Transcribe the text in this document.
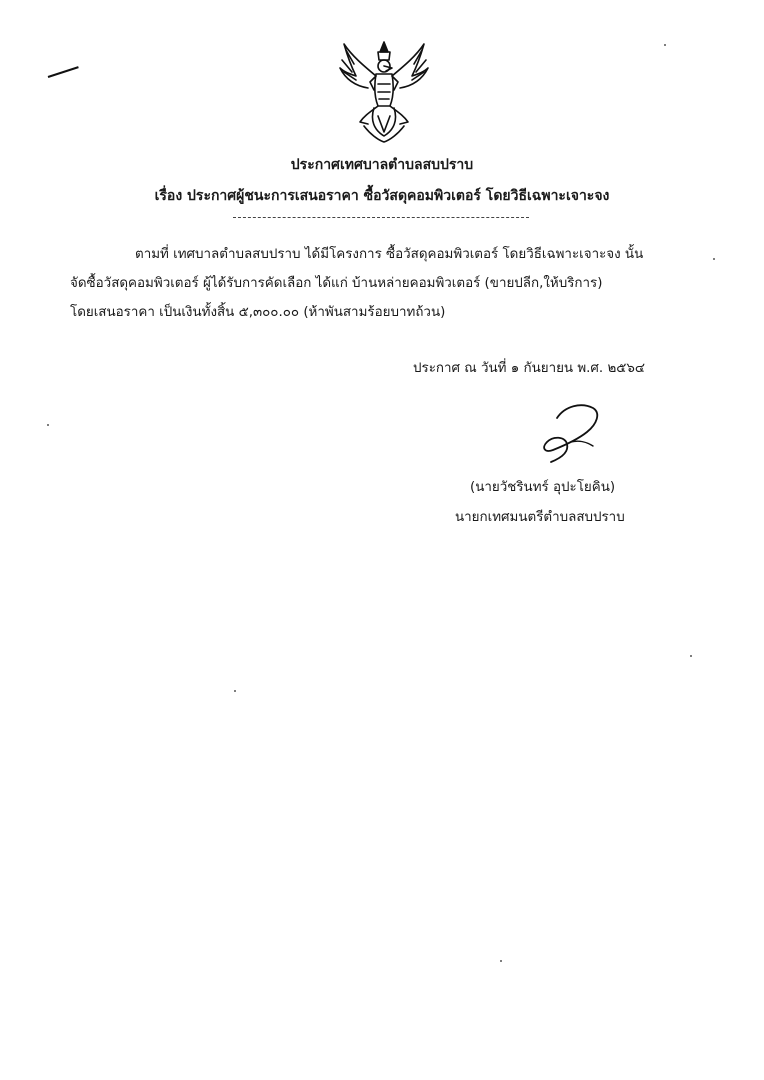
ประกาศเทศบาลตำบลสบปราบ
เรื่อง ประกาศผู้ชนะการเสนอราคา ซื้อวัสดุคอมพิวเตอร์ โดยวิธีเฉพาะเจาะจง
ตามที่ เทศบาลตำบลสบปราบ ได้มีโครงการ ซื้อวัสดุคอมพิวเตอร์ โดยวิธีเฉพาะเจาะจง นั้น
จัดซื้อวัสดุคอมพิวเตอร์ ผู้ได้รับการคัดเลือก ได้แก่ บ้านหล่ายคอมพิวเตอร์ (ขายปลีก,ให้บริการ)
โดยเสนอราคา เป็นเงินทั้งสิ้น ๕,๓๐๐.๐๐ (ห้าพันสามร้อยบาทถ้วน)
ประกาศ ณ วันที่ ๑ กันยายน พ.ศ. ๒๕๖๔
(นายวัชรินทร์ อุปะโยคิน)
นายกเทศมนตรีตำบลสบปราบ
